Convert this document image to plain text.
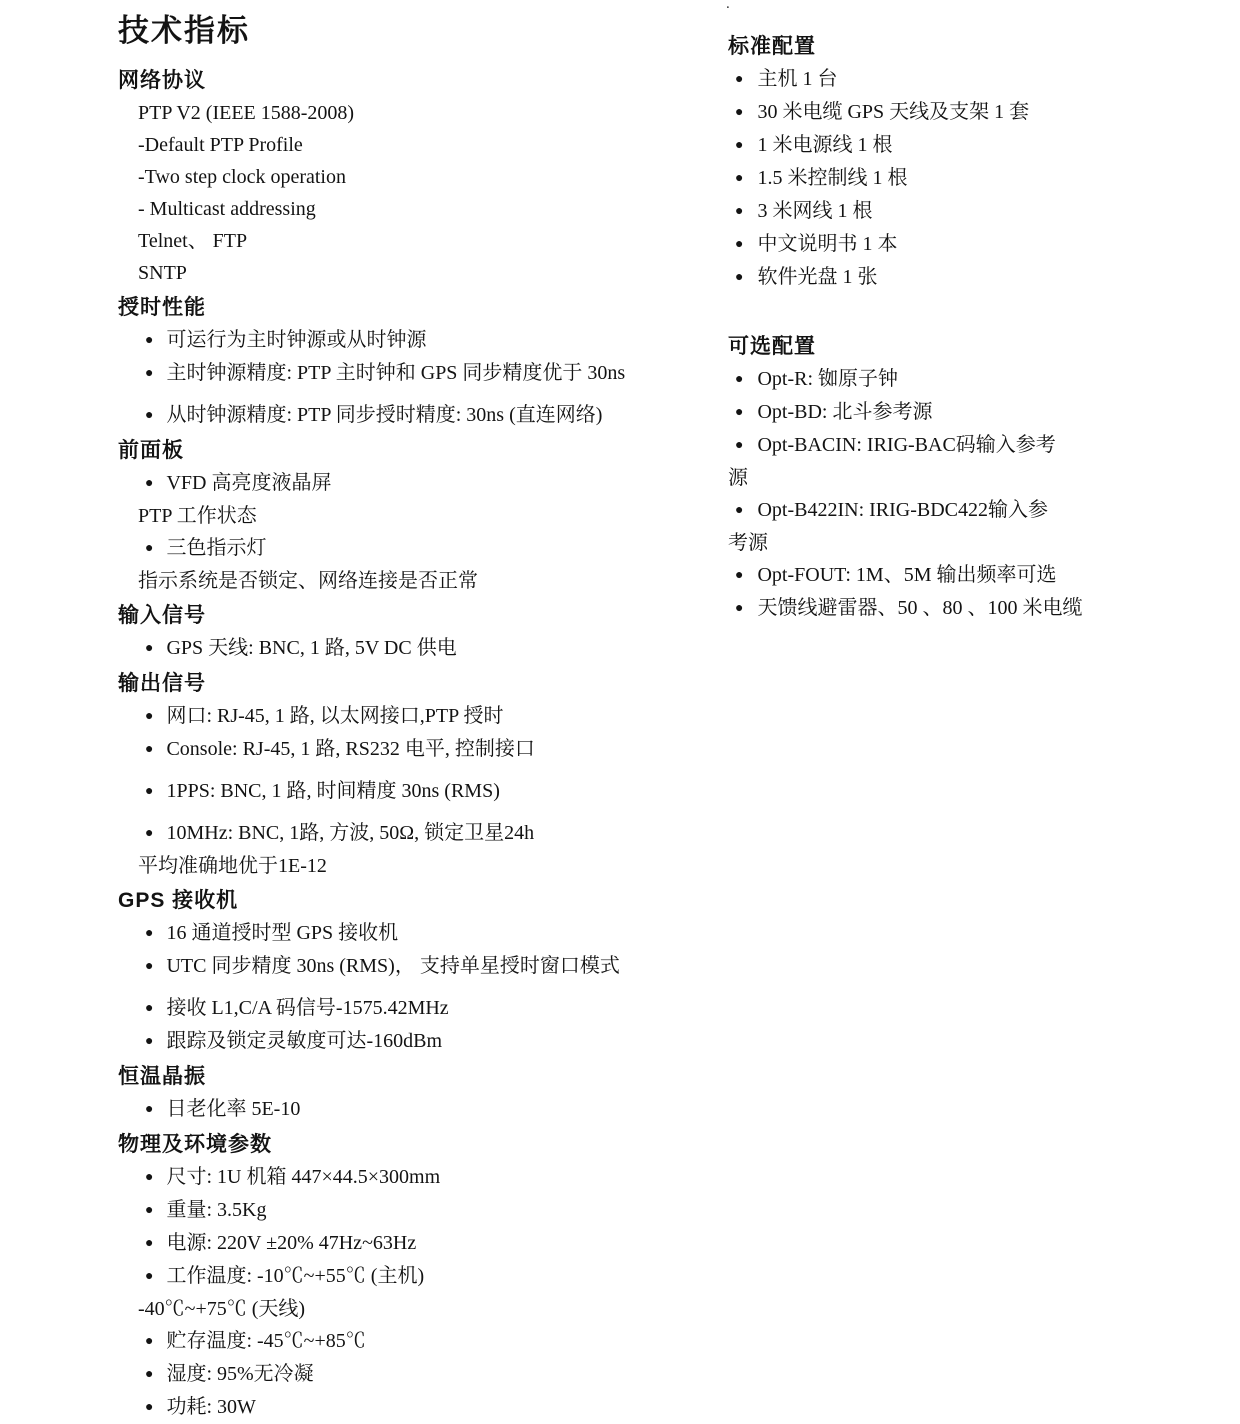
.
技术指标
网络协议
PTP V2 (IEEE 1588-2008)
-Default PTP Profile
-Two step clock operation
- Multicast addressing
Telnet、 FTP
SNTP
授时性能
● 可运行为主时钟源或从时钟源
● 主时钟源精度: PTP 主时钟和 GPS 同步精度优于 30ns
● 从时钟源精度: PTP 同步授时精度: 30ns (直连网络)
前面板
● VFD 高亮度液晶屏
PTP 工作状态
● 三色指示灯
指示系统是否锁定、网络连接是否正常
输入信号
● GPS 天线: BNC, 1 路, 5V DC 供电
输出信号
● 网口: RJ-45, 1 路, 以太网接口,PTP 授时
● Console: RJ-45, 1 路, RS232 电平, 控制接口
● 1PPS: BNC, 1 路, 时间精度 30ns (RMS)
● 10MHz: BNC, 1路, 方波, 50Ω, 锁定卫星24h
平均准确地优于1E-12
GPS 接收机
● 16 通道授时型 GPS 接收机
● UTC 同步精度 30ns (RMS)， 支持单星授时窗口模式
● 接收 L1,C/A 码信号-1575.42MHz
● 跟踪及锁定灵敏度可达-160dBm
恒温晶振
● 日老化率 5E-10
物理及环境参数
● 尺寸: 1U 机箱 447×44.5×300mm
● 重量: 3.5Kg
● 电源: 220V ±20% 47Hz~63Hz
● 工作温度: -10℃~+55℃ (主机)
-40℃~+75℃ (天线)
● 贮存温度: -45℃~+85℃
● 湿度: 95%无冷凝
● 功耗: 30W
标准配置
● 主机 1 台
● 30 米电缆 GPS 天线及支架 1 套
● 1 米电源线 1 根
● 1.5 米控制线 1 根
● 3 米网线 1 根
● 中文说明书 1 本
● 软件光盘 1 张
可选配置
● Opt-R: 铷原子钟
● Opt-BD: 北斗参考源
● Opt-BACIN: IRIG-BAC码输入参考
源
● Opt-B422IN: IRIG-BDC422输入参
考源
● Opt-FOUT: 1M、5M 输出频率可选
● 天馈线避雷器、50 、80 、100 米电缆
